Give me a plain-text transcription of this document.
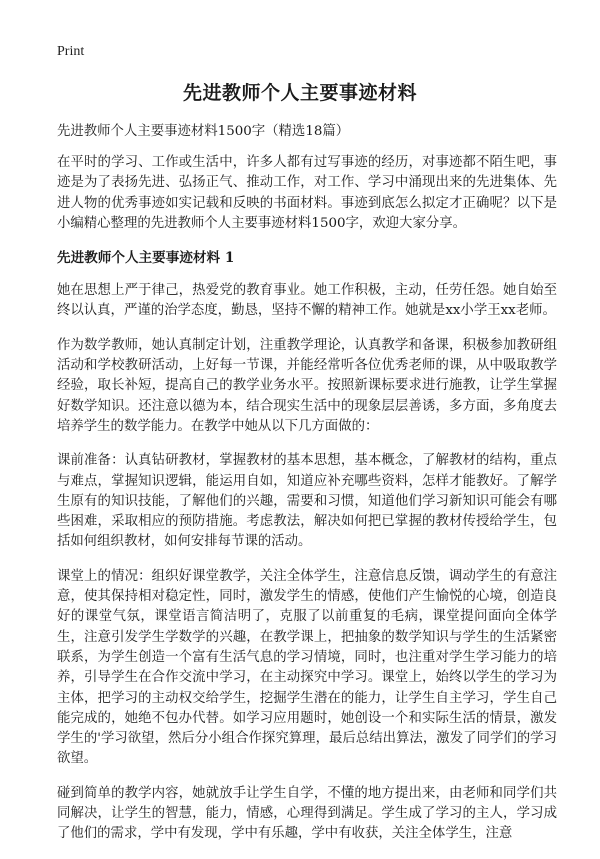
Print
先进教师个人主要事迹材料
先进教师个人主要事迹材料1500字（精选18篇）

在平时的学习、工作或生活中，许多人都有过写事迹的经历，对事迹都不陌生吧，事迹是为了表扬先进、弘扬正气、推动工作，对工作、学习中涌现出来的先进集体、先进人物的优秀事迹如实记载和反映的书面材料。事迹到底怎么拟定才正确呢？以下是小编精心整理的先进教师个人主要事迹材料1500字，欢迎大家分享。

先进教师个人主要事迹材料 1

她在思想上严于律己，热爱党的教育事业。她工作积极，主动，任劳任怨。她自始至终以认真，严谨的治学态度，勤恳，坚持不懈的精神工作。她就是xx小学王xx老师。

作为数学教师，她认真制定计划，注重教学理论，认真教学和备课，积极参加教研组活动和学校教研活动，上好每一节课，并能经常听各位优秀老师的课，从中吸取教学经验，取长补短，提高自己的教学业务水平。按照新课标要求进行施教，让学生掌握好数学知识。还注意以德为本，结合现实生活中的现象层层善诱，多方面，多角度去培养学生的数学能力。在教学中她从以下几方面做的：

课前准备：认真钻研教材，掌握教材的基本思想，基本概念，了解教材的结构，重点与难点，掌握知识逻辑，能运用自如，知道应补充哪些资料，怎样才能教好。了解学生原有的知识技能，了解他们的兴趣，需要和习惯，知道他们学习新知识可能会有哪些困难，采取相应的预防措施。考虑教法，解决如何把已掌握的教材传授给学生，包括如何组织教材，如何安排每节课的活动。

课堂上的情况：组织好课堂教学，关注全体学生，注意信息反馈，调动学生的有意注意，使其保持相对稳定性，同时，激发学生的情感，使他们产生愉悦的心境，创造良好的课堂气氛，课堂语言简洁明了，克服了以前重复的毛病，课堂提问面向全体学生，注意引发学生学数学的兴趣，在教学课上，把抽象的数学知识与学生的生活紧密联系，为学生创造一个富有生活气息的学习情境，同时，也注重对学生学习能力的培养，引导学生在合作交流中学习，在主动探究中学习。课堂上，始终以学生的学习为主体，把学习的主动权交给学生，挖掘学生潜在的能力，让学生自主学习，学生自己能完成的，她绝不包办代替。如学习应用题时，她创设一个和实际生活的情景，激发学生的'学习欲望，然后分小组合作探究算理，最后总结出算法，激发了同学们的学习欲望。

碰到简单的教学内容，她就放手让学生自学，不懂的地方提出来，由老师和同学们共同解决，让学生的智慧，能力，情感，心理得到满足。学生成了学习的主人，学习成了他们的需求，学中有发现，学中有乐趣，学中有收获，关注全体学生，注意
